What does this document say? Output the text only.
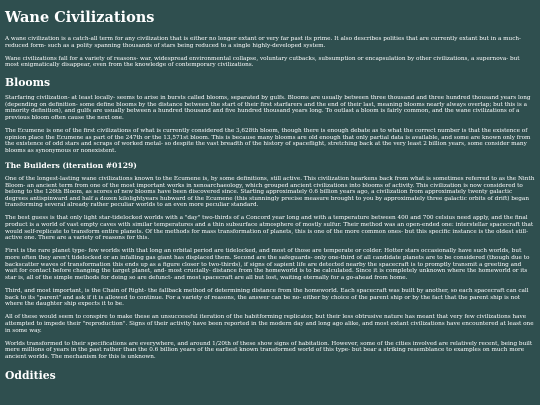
Wane Civilizations

A wane civilization is a catch-all term for any civilization that is either no longer extant or very far past its prime. It also describes polities that are currently extant but in a much-reduced form- such as a polity spanning thousands of stars being reduced to a single highly-developed system.

Wane civilizations fall for a variety of reasons- war, widespread environmental collapse, voluntary cutbacks, subsumption or encapsulation by other civilizations, a supernova- but most enigmatically disappear, even from the knowledge of contemporary civilizations.

Blooms

Starfaring civilization- at least locally- seems to arise in bursts called blooms, separated by gulfs. Blooms are usually between three thousand and three hundred thousand years long (depending on definition- some define blooms by the distance between the start of their first starfarers and the end of their last, meaning blooms nearly always overlap; but this is a minority definition), and gulfs are usually between a hundred thousand and five hundred thousand years long. To outlast a bloom is fairly common, and the wane civilizations of a previous bloom often cause the next one.

The Ecumene is one of the first civilizations of what is currently considered the 3,628th bloom, though there is enough debate as to what the correct number is that the existence of opinion place the Ecumene as part of the 247th or the 13,571st bloom. This is because many blooms are old enough that only partial data is available, and some are known only from the existence of odd stars and scraps of worked metal- so despite the vast breadth of the history of spaceflight, stretching back at the very least 2 billion years, some consider many blooms as synonymous or nonexistent.

The Builders (iteration #0129)

One of the longest-lasting wane civilizations known to the Ecumene is, by some definitions, still active. This civilization hearkens back from what is sometimes referred to as the Ninth Bloom- an ancient term from one of the most important works in xenoarchaeology, which grouped ancient civilizations into blooms of activity. This civilization is now considered to belong to the 126th Bloom, as scores of new blooms have been discovered since. Starting approximately 0.6 billion years ago, a civilization from approximately twenty galactic degrees antispinward and half a dozen kilolightyears hubward of the Ecumene (this stunningly precise measure brought to you by approximately three galactic orbits of drift) began transforming several already rather peculiar worlds to an even more peculiar standard.

The best guess is that only light star-tidelocked worlds with a "day" two-thirds of a Concord year long and with a temperature between 400 and 700 celsius need apply, and the final product is a world of vast empty caves with similar temperatures and a thin subsurface atmosphere of mostly sulfur. Their method was an open-ended one: interstellar spacecraft that would self-replicate to transform entire planets. Of the methods for mass transformation of planets, this is one of the more common ones- but this specific instance is the oldest still-active one. There are a variety of reasons for this.

First is the rare planet type- few worlds with that long an orbital period are tidelocked, and most of those are temperate or colder. Hotter stars occasionally have such worlds, but more often they aren't tidelocked or an infalling gas giant has displaced them. Second are the safeguards- only one-third of all candidate planets are to be considered (though due to backscatter waves of transformation this ends up as a figure closer to two-thirds), if signs of sapient life are detected nearby the spacecraft is to promptly transmit a greeting and wait for contact before changing the target planet, and- most crucially- distance from the homeworld is to be calculated. Since it is completely unknown where the homeworld or its star is, all of the simple methods for doing so are defunct- and most spacecraft are all but lost, waiting eternally for a go-ahead from home.

Third, and most important, is the Chain of Right- the fallback method of determining distance from the homeworld. Each spacecraft was built by another, so each spacecraft can call back to its "parent" and ask if it is allowed to continue. For a variety of reasons, the answer can be no- either by choice of the parent ship or by the fact that the parent ship is not where the daughter ship expects it to be.

All of these would seem to conspire to make these an unsuccessful iteration of the habitforming replicator, but their less obtrusive nature has meant that very few civilizations have attempted to impede their "reproduction". Signs of their activity have been reported in the modern day and long ago alike, and most extant civilizations have encountered at least one in some way.

Worlds transformed to their specifications are everywhere, and around 1/20th of these show signs of habitation. However, some of the cities involved are relatively recent, being built mere millions of years in the past rather than the 0.6 billion years of the earliest known transformed world of this type- but bear a striking resemblance to examples on much more ancient worlds. The mechanism for this is unknown.

Oddities
